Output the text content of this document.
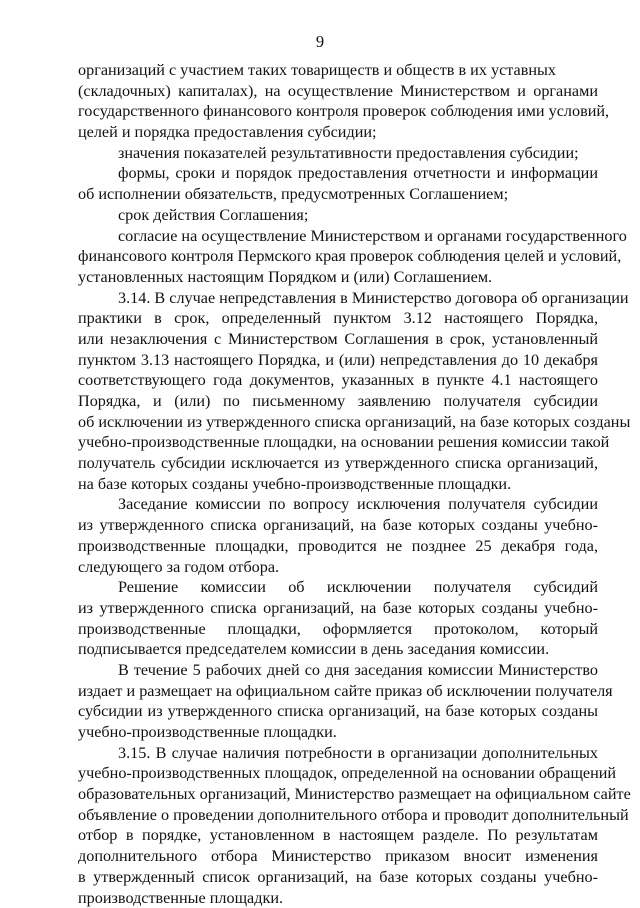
9
организаций с участием таких товариществ и обществ в их уставных
(складочных) капиталах), на осуществление Министерством и органами
государственного финансового контроля проверок соблюдения ими условий,
целей и порядка предоставления субсидии;
значения показателей результативности предоставления субсидии;
формы, сроки и порядок предоставления отчетности и информации
об исполнении обязательств, предусмотренных Соглашением;
срок действия Соглашения;
согласие на осуществление Министерством и органами государственного
финансового контроля Пермского края проверок соблюдения целей и условий,
установленных настоящим Порядком и (или) Соглашением.
3.14. В случае непредставления в Министерство договора об организации
практики в срок, определенный пунктом 3.12 настоящего Порядка,
или незаключения с Министерством Соглашения в срок, установленный
пунктом 3.13 настоящего Порядка, и (или) непредставления до 10 декабря
соответствующего года документов, указанных в пункте 4.1 настоящего
Порядка, и (или) по письменному заявлению получателя субсидии
об исключении из утвержденного списка организаций, на базе которых созданы
учебно-производственные площадки, на основании решения комиссии такой
получатель субсидии исключается из утвержденного списка организаций,
на базе которых созданы учебно-производственные площадки.
Заседание комиссии по вопросу исключения получателя субсидии
из утвержденного списка организаций, на базе которых созданы учебно-
производственные площадки, проводится не позднее 25 декабря года,
следующего за годом отбора.
Решение комиссии об исключении получателя субсидий
из утвержденного списка организаций, на базе которых созданы учебно-
производственные площадки, оформляется протоколом, который
подписывается председателем комиссии в день заседания комиссии.
В течение 5 рабочих дней со дня заседания комиссии Министерство
издает и размещает на официальном сайте приказ об исключении получателя
субсидии из утвержденного списка организаций, на базе которых созданы
учебно-производственные площадки.
3.15. В случае наличия потребности в организации дополнительных
учебно-производственных площадок, определенной на основании обращений
образовательных организаций, Министерство размещает на официальном сайте
объявление о проведении дополнительного отбора и проводит дополнительный
отбор в порядке, установленном в настоящем разделе. По результатам
дополнительного отбора Министерство приказом вносит изменения
в утвержденный список организаций, на базе которых созданы учебно-
производственные площадки.
